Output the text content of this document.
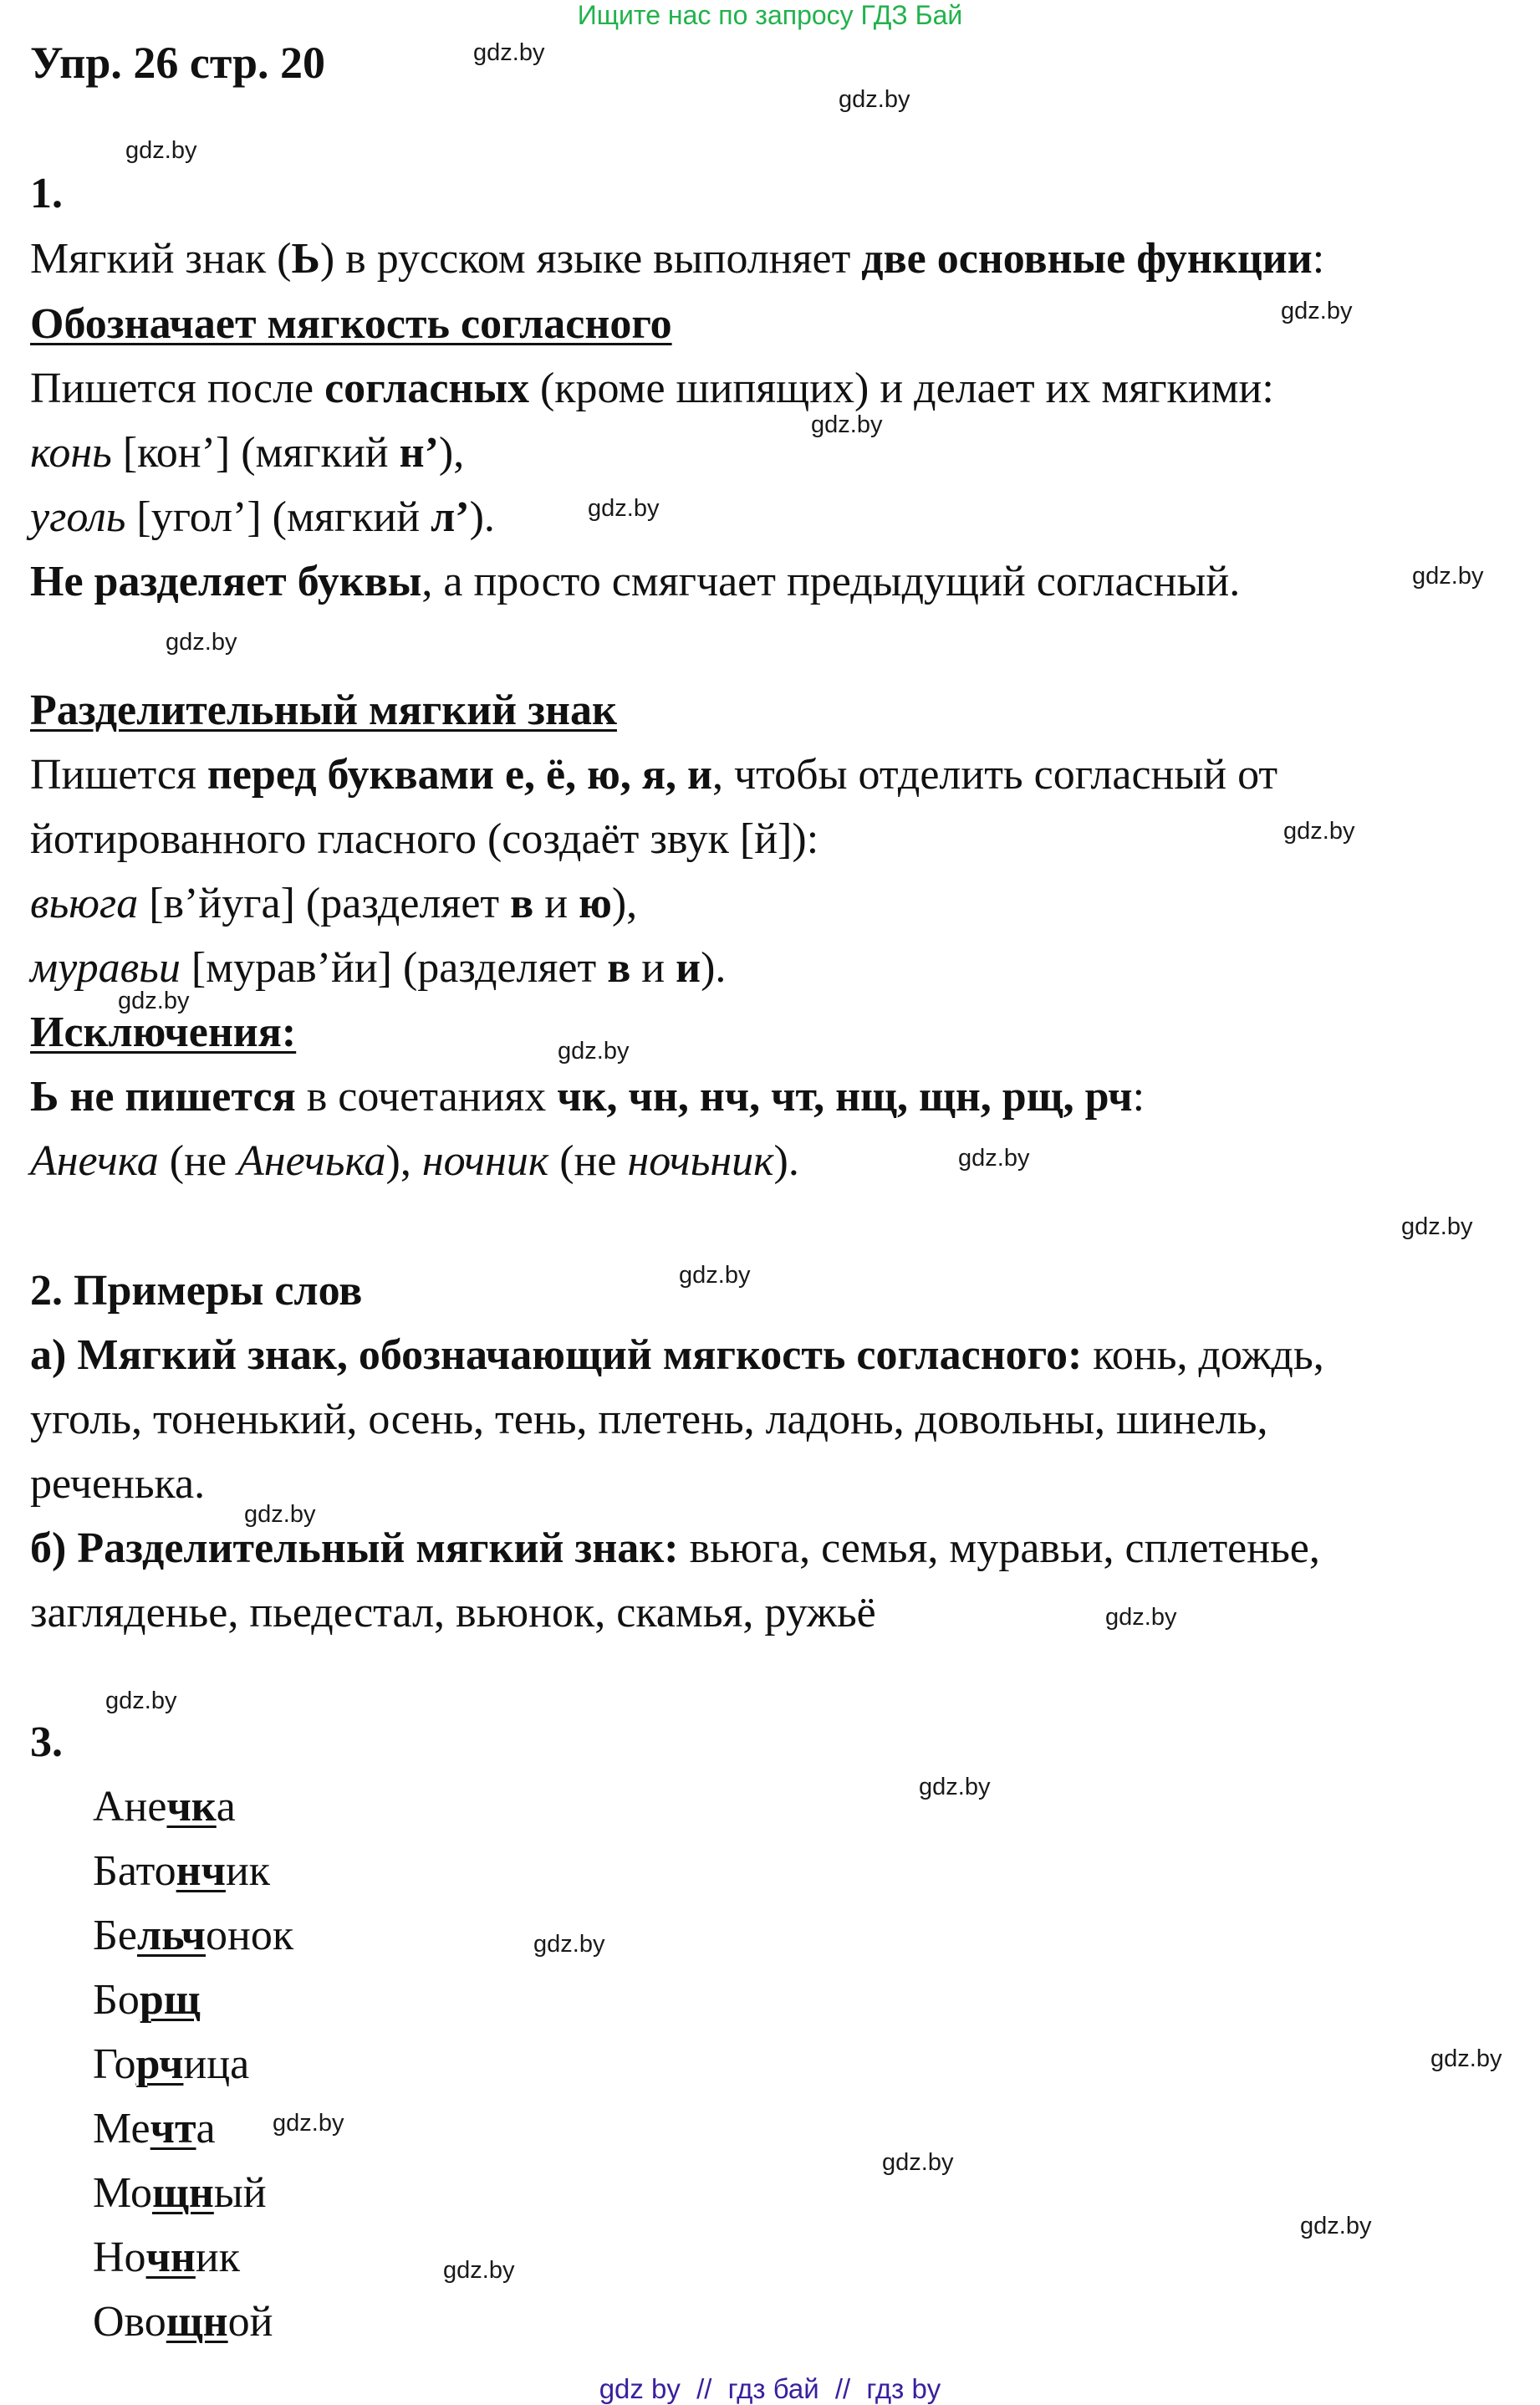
Ищите нас по запросу ГДЗ Бай
Упр. 26 стр. 20
1.
Мягкий знак (Ь) в русском языке выполняет две основные функции:
Обозначает мягкость согласного
Пишется после согласных (кроме шипящих) и делает их мягкими:
конь [кон’] (мягкий н’),
уголь [угол’] (мягкий л’).
Не разделяет буквы, а просто смягчает предыдущий согласный.
Разделительный мягкий знак
Пишется перед буквами е, ё, ю, я, и, чтобы отделить согласный от
йотированного гласного (создаёт звук [й]):
вьюга [в’йуга] (разделяет в и ю),
муравьи [мурав’йи] (разделяет в и и).
Исключения:
Ь не пишется в сочетаниях чк, чн, нч, чт, нщ, щн, рщ, рч:
Анечка (не Анечька), ночник (не ночьник).
2. Примеры слов
а) Мягкий знак, обозначающий мягкость согласного: конь, дождь,
уголь, тоненький, осень, тень, плетень, ладонь, довольны, шинель,
реченька.
б) Разделительный мягкий знак: вьюга, семья, муравьи, сплетенье,
загляденье, пьедестал, вьюнок, скамья, ружьё
3.
Анечка
Батончик
Бельчонок
Борщ
Горчица
Мечта
Мощный
Ночник
Овощной
gdz.by
gdz.by
gdz.by
gdz.by
gdz.by
gdz.by
gdz.by
gdz.by
gdz.by
gdz.by
gdz.by
gdz.by
gdz.by
gdz.by
gdz.by
gdz.by
gdz.by
gdz.by
gdz.by
gdz.by
gdz.by
gdz.by
gdz.by
gdz.by
gdz by // гдз бай // гдз by
